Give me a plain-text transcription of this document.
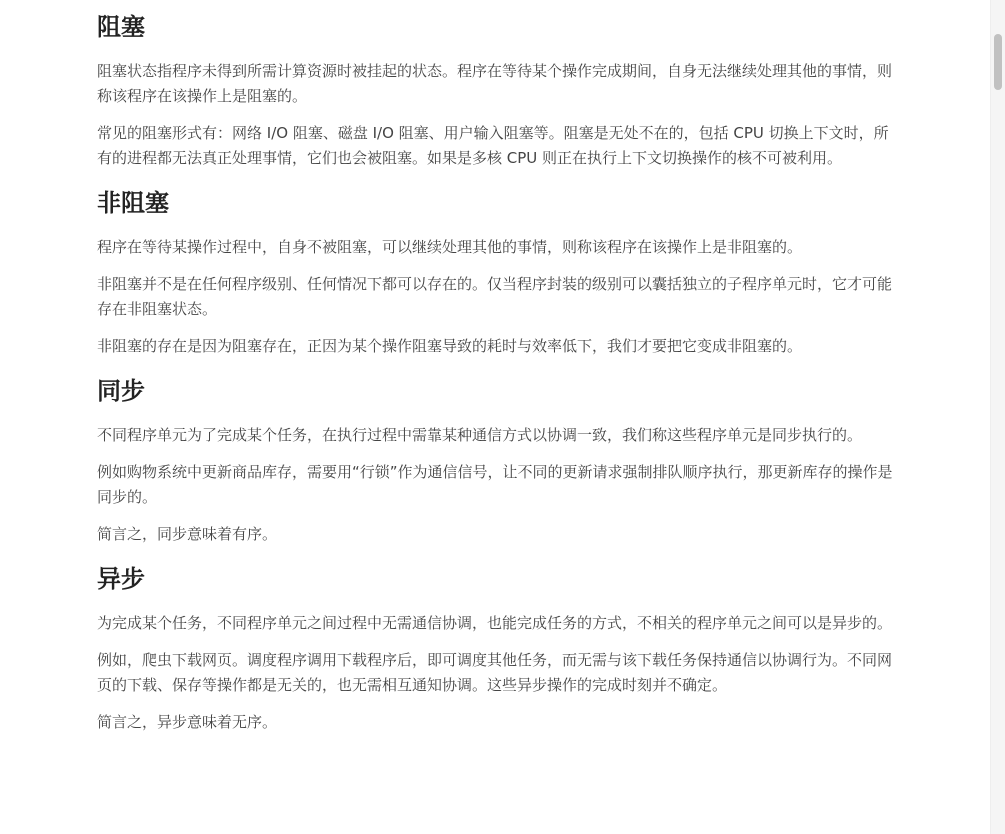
阻塞

阻塞状态指程序未得到所需计算资源时被挂起的状态。程序在等待某个操作完成期间，自身无法继续处理其他的事情，则称该程序在该操作上是阻塞的。

常见的阻塞形式有：网络 I/O 阻塞、磁盘 I/O 阻塞、用户输入阻塞等。阻塞是无处不在的，包括 CPU 切换上下文时，所有的进程都无法真正处理事情，它们也会被阻塞。如果是多核 CPU 则正在执行上下文切换操作的核不可被利用。

非阻塞

程序在等待某操作过程中，自身不被阻塞，可以继续处理其他的事情，则称该程序在该操作上是非阻塞的。

非阻塞并不是在任何程序级别、任何情况下都可以存在的。仅当程序封装的级别可以囊括独立的子程序单元时，它才可能存在非阻塞状态。

非阻塞的存在是因为阻塞存在，正因为某个操作阻塞导致的耗时与效率低下，我们才要把它变成非阻塞的。

同步

不同程序单元为了完成某个任务，在执行过程中需靠某种通信方式以协调一致，我们称这些程序单元是同步执行的。

例如购物系统中更新商品库存，需要用“行锁”作为通信信号，让不同的更新请求强制排队顺序执行，那更新库存的操作是同步的。

简言之，同步意味着有序。

异步

为完成某个任务，不同程序单元之间过程中无需通信协调，也能完成任务的方式，不相关的程序单元之间可以是异步的。

例如，爬虫下载网页。调度程序调用下载程序后，即可调度其他任务，而无需与该下载任务保持通信以协调行为。不同网页的下载、保存等操作都是无关的，也无需相互通知协调。这些异步操作的完成时刻并不确定。

简言之，异步意味着无序。
